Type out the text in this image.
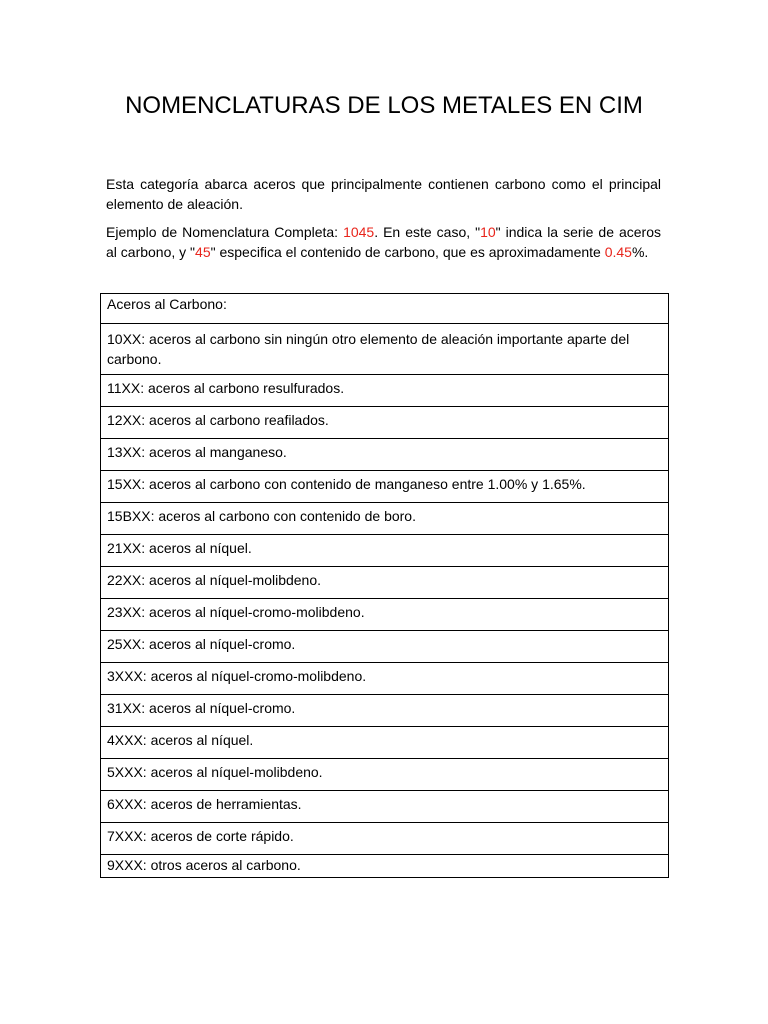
NOMENCLATURAS DE LOS METALES EN CIM

Esta categoría abarca aceros que principalmente contienen carbono como el principal elemento de aleación.

Ejemplo de Nomenclatura Completa: 1045. En este caso, "10" indica la serie de aceros al carbono, y "45" especifica el contenido de carbono, que es aproximadamente 0.45%.

Aceros al Carbono:
10XX: aceros al carbono sin ningún otro elemento de aleación importante aparte del carbono.
11XX: aceros al carbono resulfurados.
12XX: aceros al carbono reafilados.
13XX: aceros al manganeso.
15XX: aceros al carbono con contenido de manganeso entre 1.00% y 1.65%.
15BXX: aceros al carbono con contenido de boro.
21XX: aceros al níquel.
22XX: aceros al níquel-molibdeno.
23XX: aceros al níquel-cromo-molibdeno.
25XX: aceros al níquel-cromo.
3XXX: aceros al níquel-cromo-molibdeno.
31XX: aceros al níquel-cromo.
4XXX: aceros al níquel.
5XXX: aceros al níquel-molibdeno.
6XXX: aceros de herramientas.
7XXX: aceros de corte rápido.
9XXX: otros aceros al carbono.
